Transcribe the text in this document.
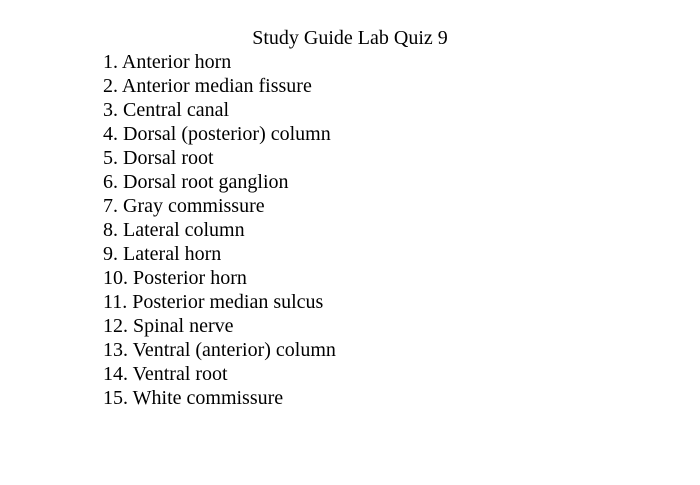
Study Guide Lab Quiz 9
1. Anterior horn
2. Anterior median fissure
3. Central canal
4. Dorsal (posterior) column
5. Dorsal root
6. Dorsal root ganglion
7. Gray commissure
8. Lateral column
9. Lateral horn
10. Posterior horn
11. Posterior median sulcus
12. Spinal nerve
13. Ventral (anterior) column
14. Ventral root
15. White commissure
